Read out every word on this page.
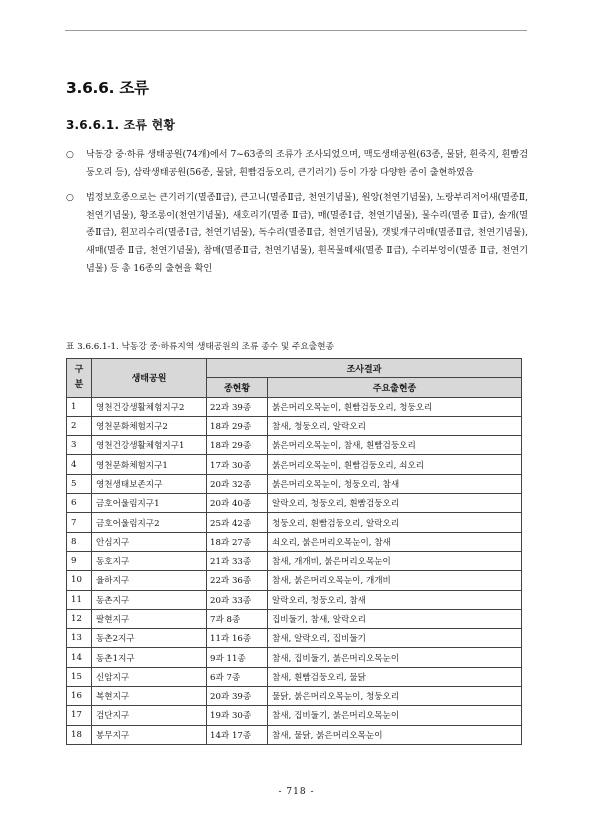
3.6.6. 조류
3.6.6.1. 조류 현황
○	낙동강 중·하류 생태공원(74개)에서 7~63종의 조류가 조사되었으며, 맥도생태공원(63종, 물닭, 흰죽지, 흰빰검둥오리 등), 삼락생태공원(56종, 물닭, 흰빰검둥오리, 큰기러기) 등이 가장 다양한 종이 출현하였음
○	법정보호종으로는 큰기러기(멸종Ⅱ급), 큰고니(멸종Ⅱ급, 천연기념물), 원앙(천연기념물), 노랑부리저어새(멸종Ⅱ, 천연기념물), 황조롱이(천연기념물), 새호리기(멸종 Ⅱ급), 매(멸종Ⅰ급, 천연기념물), 물수리(멸종 Ⅱ급), 솔개(멸종Ⅱ급), 흰꼬리수리(멸종Ⅰ급, 천연기념물), 독수리(멸종Ⅱ급, 천연기념물), 갯빛개구리매(멸종Ⅱ급, 천연기념물), 새매(멸종 Ⅱ급, 천연기념물), 참매(멸종Ⅱ급, 천연기념물), 흰목물떼새(멸종 Ⅱ급), 수리부엉이(멸종 Ⅱ급, 천연기념물) 등 총 16종의 출현을 확인
표 3.6.6.1-1. 낙동강 중·하류지역 생태공원의 조류 종수 및 주요출현종
구
분	생태공원	조사결과	
		종현황	주요출현종
1	영천건강생활체험지구2	22과 39종	붉은머리오목눈이, 흰빰검둥오리, 청둥오리
2	영천문화체험지구2	18과 29종	참새, 청둥오리, 알락오리
3	영천건강생활체험지구1	18과 29종	붉은머리오목눈이, 참새, 흰빰검둥오리
4	영천문화체험지구1	17과 30종	붉은머리오목눈이, 흰빰검둥오리, 쇠오리
5	영천생태보존지구	20과 32종	붉은머리오목눈이, 청둥오리, 참새
6	금호어울림지구1	20과 40종	알락오리, 청둥오리, 흰빰검둥오리
7	금호어울림지구2	25과 42종	청둥오리, 흰빰검둥오리, 알락오리
8	안심지구	18과 27종	쇠오리, 붉은머리오목눈이, 참새
9	동호지구	21과 33종	참새, 개개비, 붉은머리오목눈이
10	율하지구	22과 36종	참새, 붉은머리오목눈이, 개개비
11	동촌지구	20과 33종	알락오리, 청둥오리, 참새
12	팔현지구	7과 8종	집비둘기, 참새, 알락오리
13	동촌2지구	11과 16종	참새, 알락오리, 집비둘기
14	동촌1지구	9과 11종	참새, 집비둘기, 붉은머리오목눈이
15	신암지구	6과 7종	참새, 흰빰검둥오리, 물닭
16	복현지구	20과 39종	물닭, 붉은머리오목눈이, 청둥오리
17	검단지구	19과 30종	참새, 집비둘기, 붉은머리오목눈이
18	봉무지구	14과 17종	참새, 물닭, 붉은머리오목눈이
- 718 -
